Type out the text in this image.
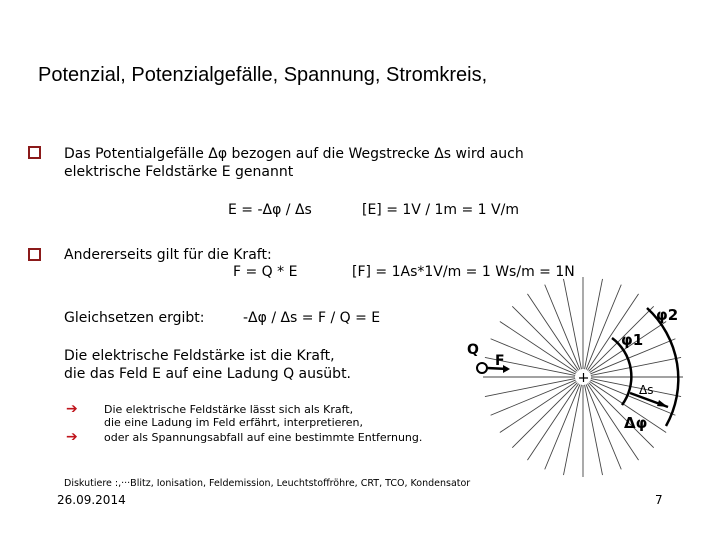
Potenzial, Potenzialgefälle, Spannung, Stromkreis,
Das Potentialgefälle Δφ bezogen auf die Wegstrecke Δs wird auch
elektrische Feldstärke E genannt
E = -Δφ / Δs	[E] = 1V / 1m = 1 V/m
Andererseits gilt für die Kraft:
F = Q * E	[F] = 1As*1V/m = 1 Ws/m = 1N
Gleichsetzen ergibt:	-Δφ / Δs = F / Q = E
Die elektrische Feldstärke ist die Kraft,
die das Feld E auf eine Ladung Q ausübt.
➔ Die elektrische Feldstärke lässt sich als Kraft,
die eine Ladung im Feld erfährt, interpretieren,
➔ oder als Spannungsabfall auf eine bestimmte Entfernung.
Diskutiere :,···Blitz, Ionisation, Feldemission, Leuchtstoffröhre, CRT, TCO, Kondensator
26.09.2014	7
Q
F
φ1
φ2
Δs
Δφ
